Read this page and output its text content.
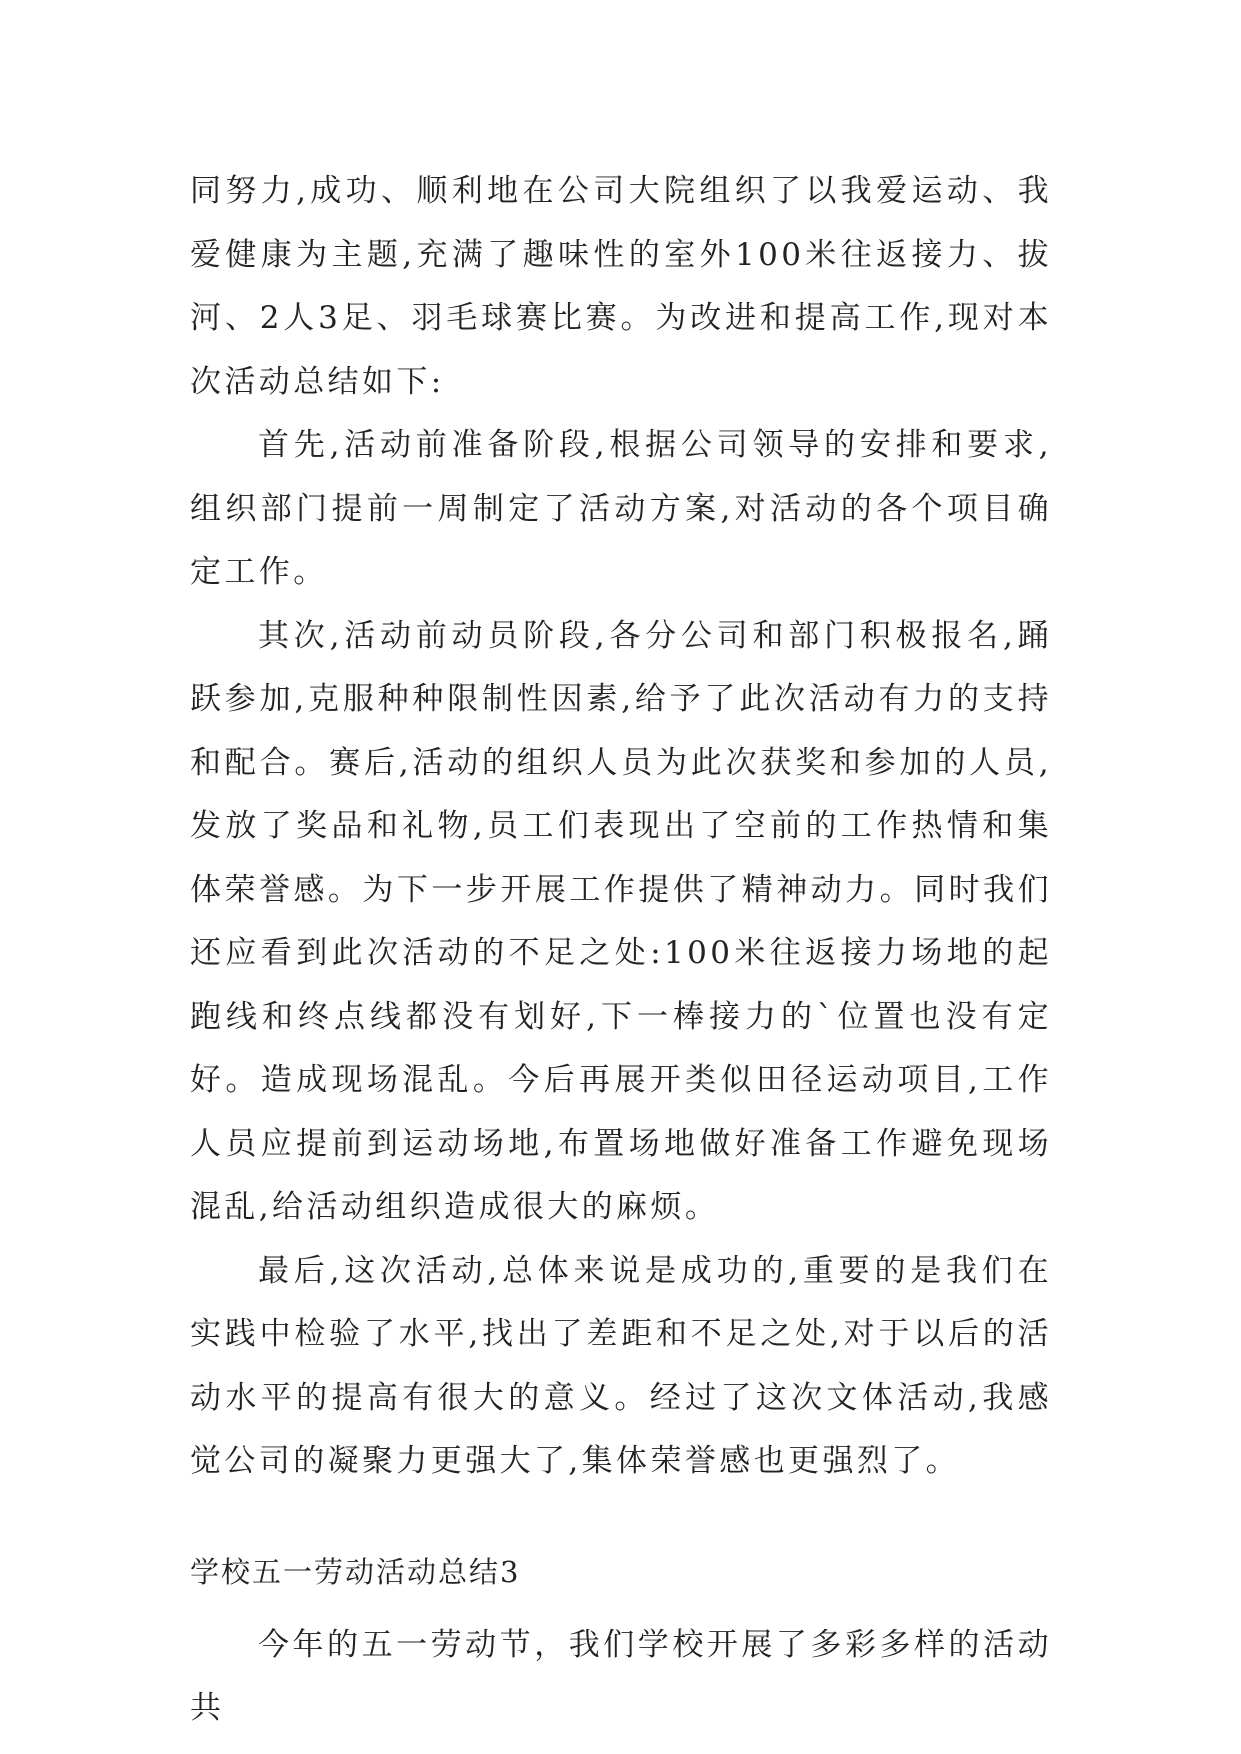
同努力,成功、顺利地在公司大院组织了以我爱运动、我爱健康为主题,充满了趣味性的室外100米往返接力、拔河、2人3足、羽毛球赛比赛。为改进和提高工作,现对本次活动总结如下:

首先,活动前准备阶段,根据公司领导的安排和要求,组织部门提前一周制定了活动方案,对活动的各个项目确定工作。

其次,活动前动员阶段,各分公司和部门积极报名,踊跃参加,克服种种限制性因素,给予了此次活动有力的支持和配合。赛后,活动的组织人员为此次获奖和参加的人员,发放了奖品和礼物,员工们表现出了空前的工作热情和集体荣誉感。为下一步开展工作提供了精神动力。同时我们还应看到此次活动的不足之处:100米往返接力场地的起跑线和终点线都没有划好,下一棒接力的`位置也没有定好。造成现场混乱。今后再展开类似田径运动项目,工作人员应提前到运动场地,布置场地做好准备工作避免现场混乱,给活动组织造成很大的麻烦。

最后,这次活动,总体来说是成功的,重要的是我们在实践中检验了水平,找出了差距和不足之处,对于以后的活动水平的提高有很大的意义。经过了这次文体活动,我感觉公司的凝聚力更强大了,集体荣誉感也更强烈了。

学校五一劳动活动总结3

今年的五一劳动节，我们学校开展了多彩多样的活动共
